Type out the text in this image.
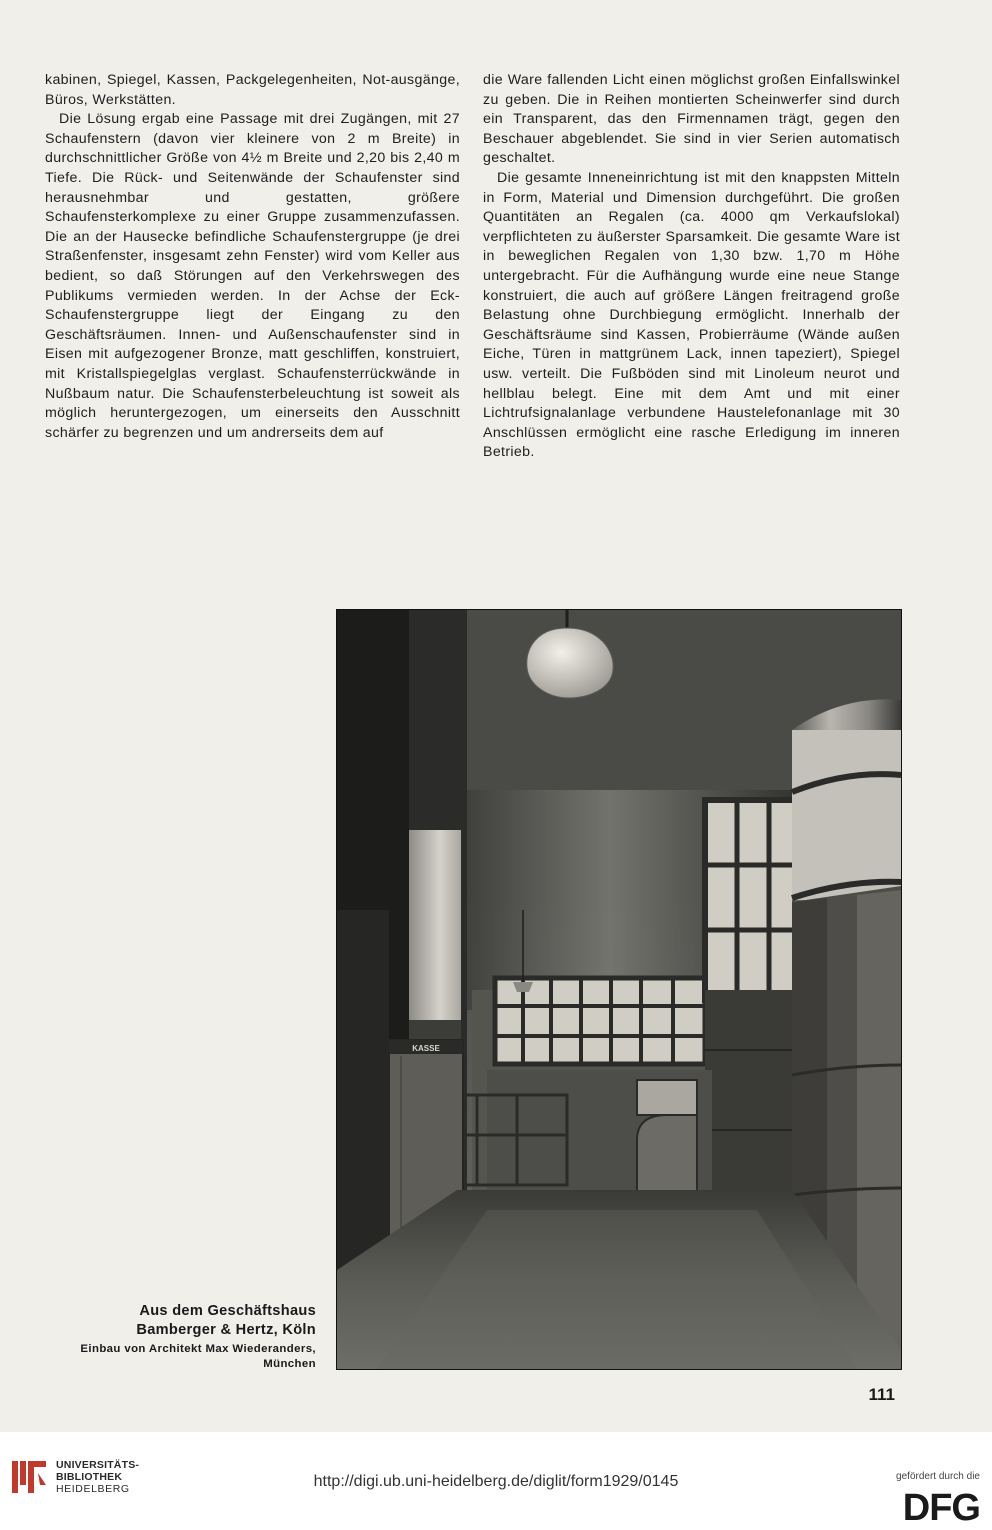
kabinen, Spiegel, Kassen, Packgelegenheiten, Not-ausgänge, Büros, Werkstätten.

Die Lösung ergab eine Passage mit drei Zugängen, mit 27 Schaufenstern (davon vier kleinere von 2 m Breite) in durchschnittlicher Größe von 4½ m Breite und 2,20 bis 2,40 m Tiefe. Die Rück- und Seitenwände der Schaufenster sind herausnehmbar und gestatten, größere Schaufensterkomplexe zu einer Gruppe zusammenzufassen. Die an der Hausecke befindliche Schaufenstergruppe (je drei Straßenfenster, insgesamt zehn Fenster) wird vom Keller aus bedient, so daß Störungen auf den Verkehrswegen des Publikums vermieden werden. In der Achse der Eck-Schaufenstergruppe liegt der Eingang zu den Geschäftsräumen. Innen- und Außenschaufenster sind in Eisen mit aufgezogener Bronze, matt geschliffen, konstruiert, mit Kristallspiegelglas verglast. Schaufensterrückwände in Nußbaum natur. Die Schaufensterbeleuchtung ist soweit als möglich heruntergezogen, um einerseits den Ausschnitt schärfer zu begrenzen und um andrerseits dem auf

die Ware fallenden Licht einen möglichst großen Einfallswinkel zu geben. Die in Reihen montierten Scheinwerfer sind durch ein Transparent, das den Firmennamen trägt, gegen den Beschauer abgeblendet. Sie sind in vier Serien automatisch geschaltet.

Die gesamte Inneneinrichtung ist mit den knappsten Mitteln in Form, Material und Dimension durchgeführt. Die großen Quantitäten an Regalen (ca. 4000 qm Verkaufslokal) verpflichteten zu äußerster Sparsamkeit. Die gesamte Ware ist in beweglichen Regalen von 1,30 bzw. 1,70 m Höhe untergebracht. Für die Aufhängung wurde eine neue Stange konstruiert, die auch auf größere Längen freitragend große Belastung ohne Durchbiegung ermöglicht. Innerhalb der Geschäftsräume sind Kassen, Probierräume (Wände außen Eiche, Türen in mattgrünem Lack, innen tapeziert), Spiegel usw. verteilt. Die Fußböden sind mit Linoleum neurot und hellblau belegt. Eine mit dem Amt und mit einer Lichtrufsignalanlage verbundene Haustelefonanlage mit 30 Anschlüssen ermöglicht eine rasche Erledigung im inneren Betrieb.

KASSE
Aus dem Geschäftshaus
Bamberger & Hertz, Köln
Einbau von Architekt Max Wiederanders,
München
111
UNIVERSITÄTS-
BIBLIOTHEK
HEIDELBERG	http://digi.ub.uni-heidelberg.de/diglit/form1929/0145	gefördert durch die
DFG
